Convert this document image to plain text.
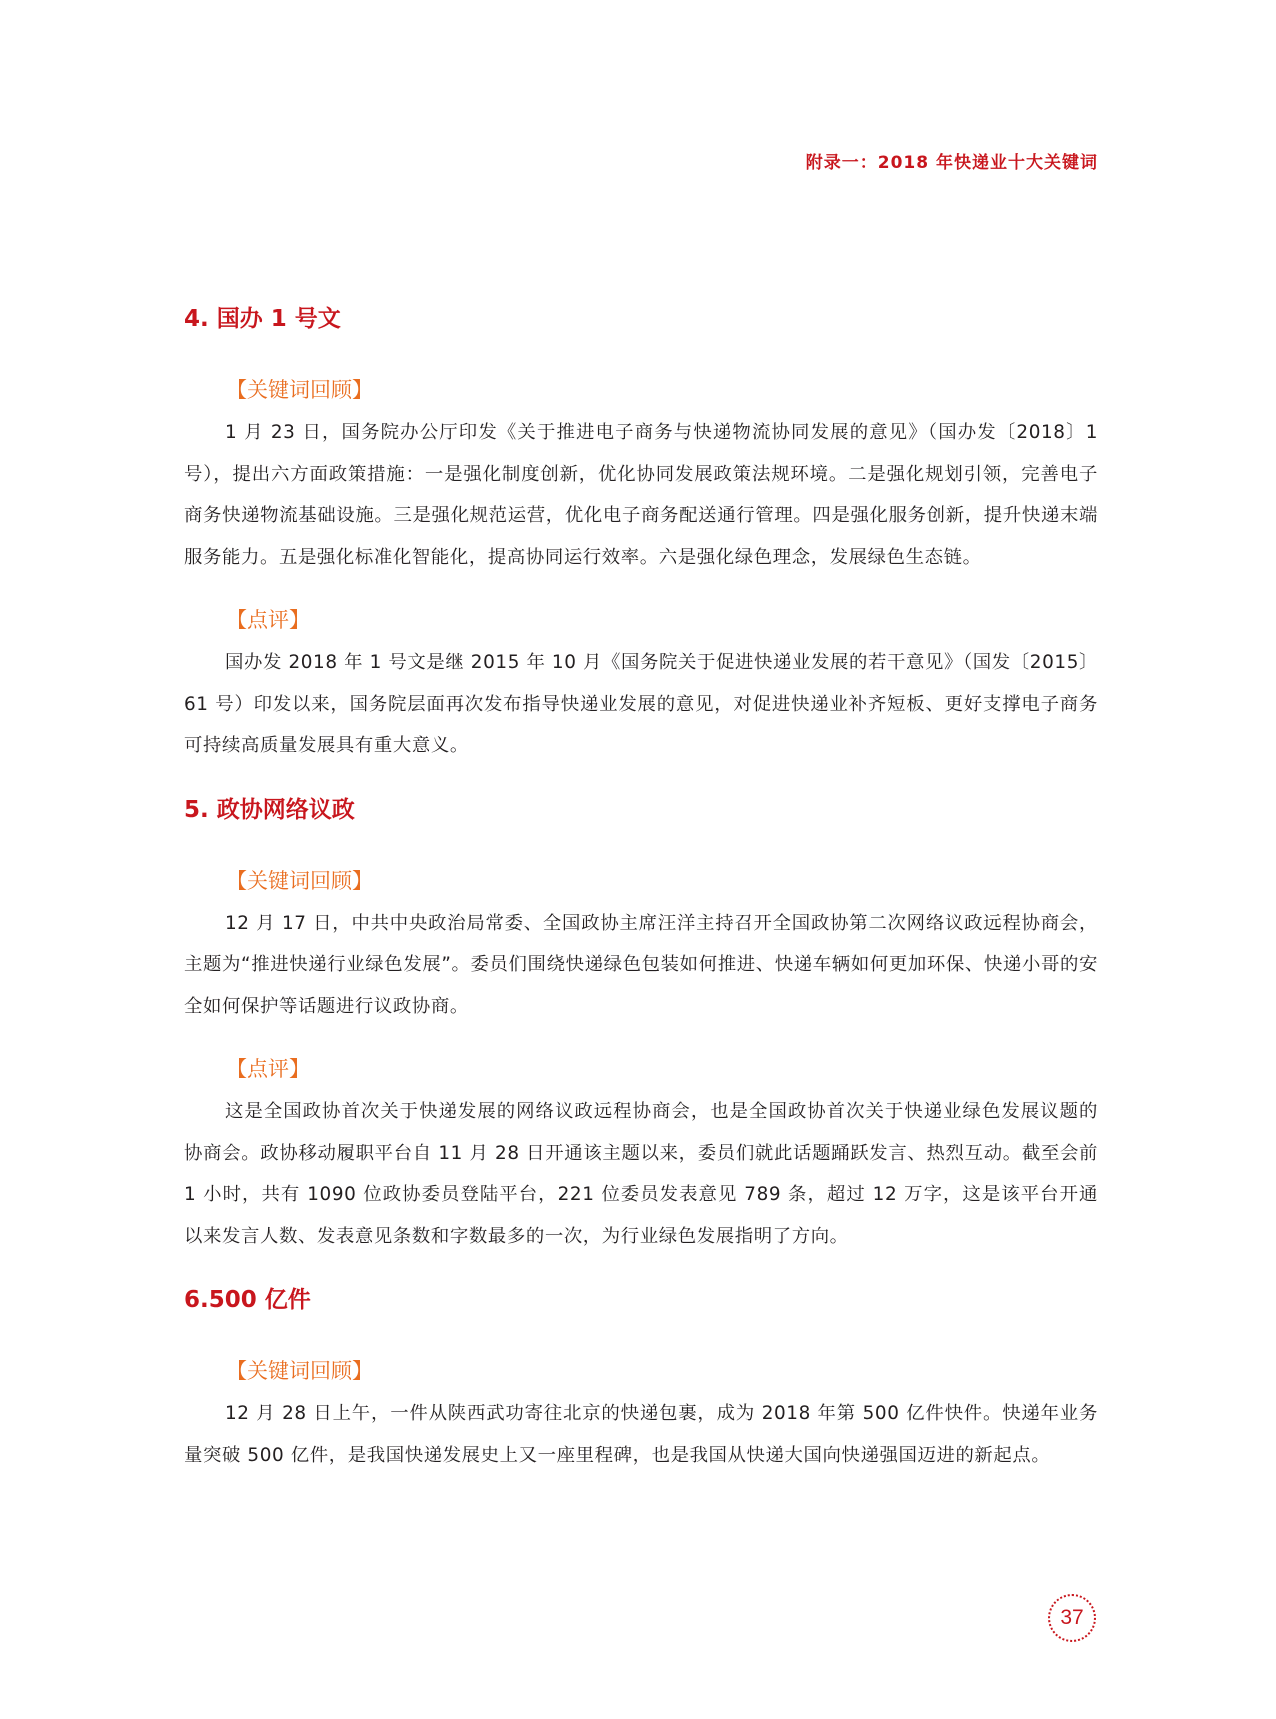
附录一：2018 年快递业十大关键词
4. 国办 1 号文
【关键词回顾】

1 月 23 日，国务院办公厅印发《关于推进电子商务与快递物流协同发展的意见》（国办发〔2018〕1 号），提出六方面政策措施：一是强化制度创新，优化协同发展政策法规环境。二是强化规划引领，完善电子商务快递物流基础设施。三是强化规范运营，优化电子商务配送通行管理。四是强化服务创新，提升快递末端服务能力。五是强化标准化智能化，提高协同运行效率。六是强化绿色理念，发展绿色生态链。

【点评】

国办发 2018 年 1 号文是继 2015 年 10 月《国务院关于促进快递业发展的若干意见》（国发〔2015〕61 号）印发以来，国务院层面再次发布指导快递业发展的意见，对促进快递业补齐短板、更好支撑电子商务可持续高质量发展具有重大意义。

5. 政协网络议政
【关键词回顾】

12 月 17 日，中共中央政治局常委、全国政协主席汪洋主持召开全国政协第二次网络议政远程协商会，主题为“推进快递行业绿色发展”。委员们围绕快递绿色包装如何推进、快递车辆如何更加环保、快递小哥的安全如何保护等话题进行议政协商。

【点评】

这是全国政协首次关于快递发展的网络议政远程协商会，也是全国政协首次关于快递业绿色发展议题的协商会。政协移动履职平台自 11 月 28 日开通该主题以来，委员们就此话题踊跃发言、热烈互动。截至会前 1 小时，共有 1090 位政协委员登陆平台，221 位委员发表意见 789 条，超过 12 万字，这是该平台开通以来发言人数、发表意见条数和字数最多的一次，为行业绿色发展指明了方向。

6.500 亿件
【关键词回顾】

12 月 28 日上午，一件从陕西武功寄往北京的快递包裹，成为 2018 年第 500 亿件快件。快递年业务量突破 500 亿件，是我国快递发展史上又一座里程碑，也是我国从快递大国向快递强国迈进的新起点。

37
